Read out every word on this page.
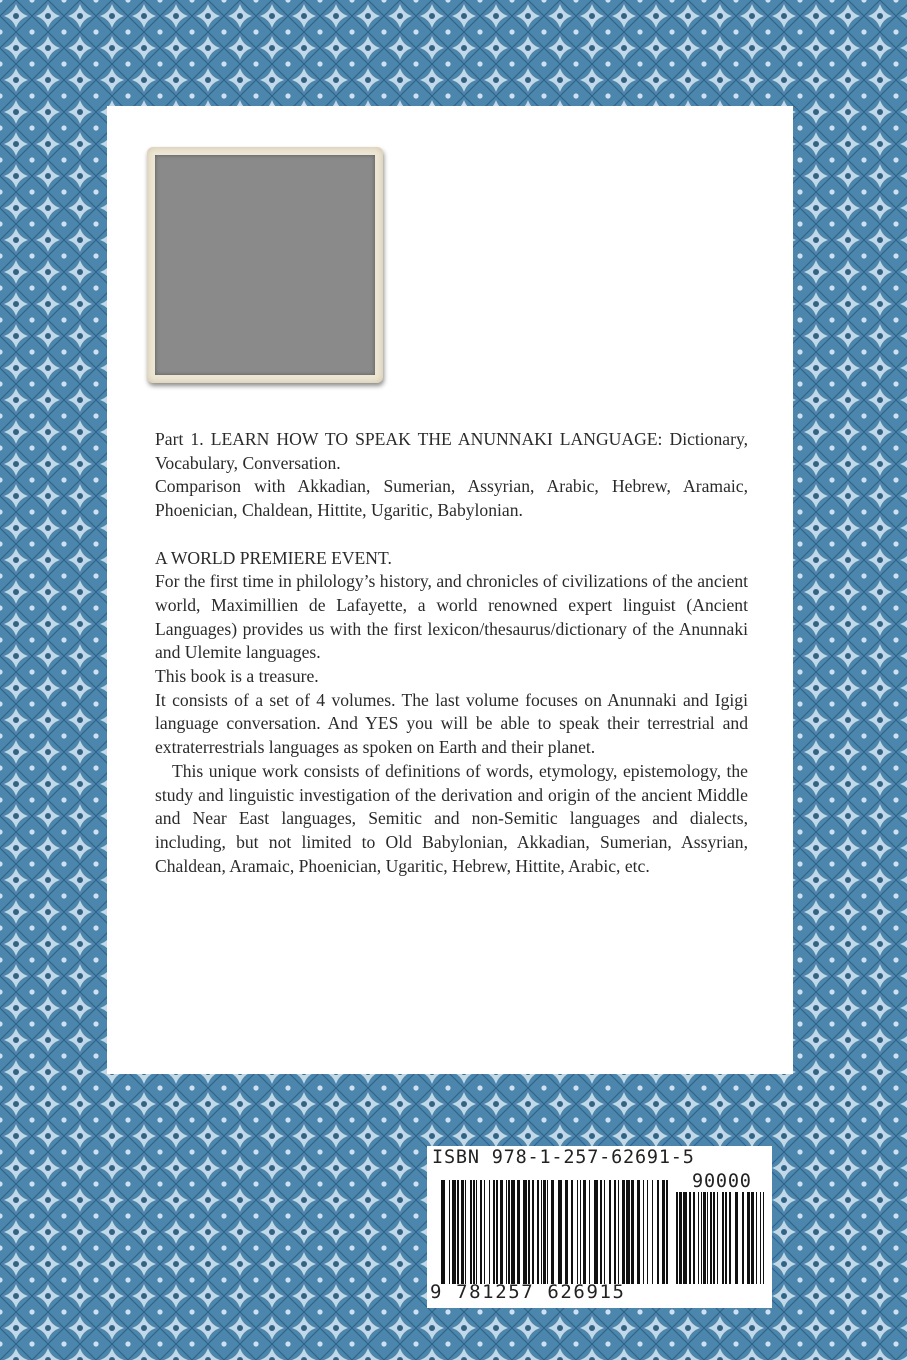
Part 1. LEARN HOW TO SPEAK THE ANUNNAKI LANGUAGE: Dictionary, Vocabulary, Conversation.

Comparison with Akkadian, Sumerian, Assyrian, Arabic, Hebrew, Aramaic, Phoenician, Chaldean, Hittite, Ugaritic, Babylonian.

A WORLD PREMIERE EVENT.

For the first time in philology’s history, and chronicles of civilizations of the ancient world, Maximillien de Lafayette, a world renowned expert linguist (Ancient Languages) provides us with the first lexicon/thesaurus/dictionary of the Anunnaki and Ulemite languages.

This book is a treasure.

It consists of a set of 4 volumes. The last volume focuses on Anunnaki and Igigi language conversation. And YES you will be able to speak their terrestrial and extraterrestrials languages as spoken on Earth and their planet.

This unique work consists of definitions of words, etymology, epistemology, the study and linguistic investigation of the derivation and origin of the ancient Middle and Near East languages, Semitic and non-Semitic languages and dialects, including, but not limited to Old Babylonian, Akkadian, Sumerian, Assyrian, Chaldean, Aramaic, Phoenician, Ugaritic, Hebrew, Hittite, Arabic, etc.

ISBN 978-1-257-62691-5
90000
9 781257 626915
